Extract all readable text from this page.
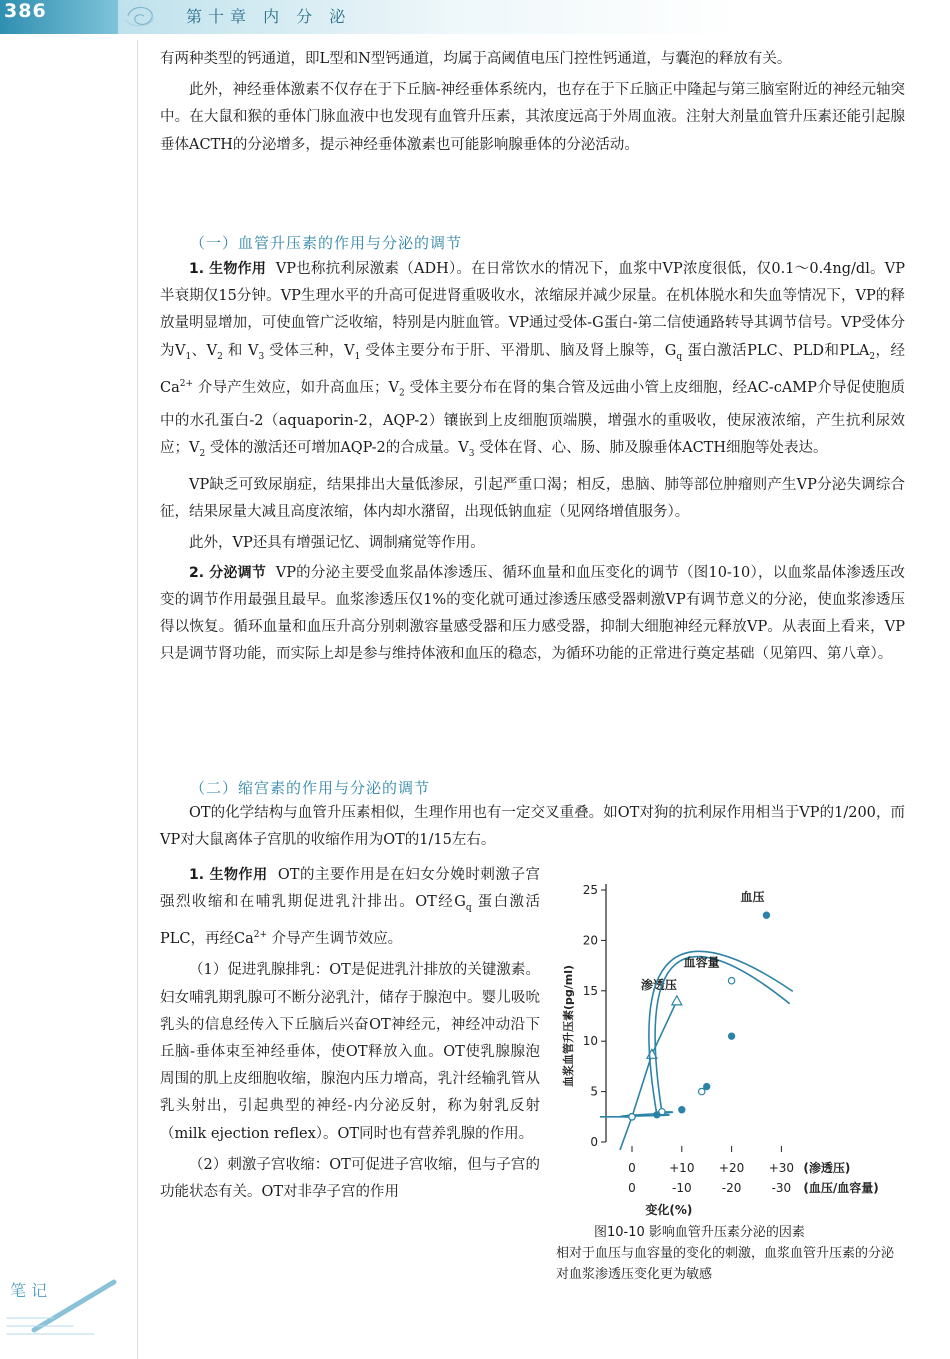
386	第十章 内 分 泌

有两种类型的钙通道，即L型和N型钙通道，均属于高阈值电压门控性钙通道，与囊泡的释放有关。

此外，神经垂体激素不仅存在于下丘脑-神经垂体系统内，也存在于下丘脑正中隆起与第三脑室附近的神经元轴突中。在大鼠和猴的垂体门脉血液中也发现有血管升压素，其浓度远高于外周血液。注射大剂量血管升压素还能引起腺垂体ACTH的分泌增多，提示神经垂体激素也可能影响腺垂体的分泌活动。

（一）血管升压素的作用与分泌的调节

1. 生物作用 VP也称抗利尿激素（ADH）。在日常饮水的情况下，血浆中VP浓度很低，仅0.1～0.4ng/dl。VP半衰期仅15分钟。VP生理水平的升高可促进肾重吸收水，浓缩尿并减少尿量。在机体脱水和失血等情况下，VP的释放量明显增加，可使血管广泛收缩，特别是内脏血管。VP通过受体-G蛋白-第二信使通路转导其调节信号。VP受体分为$V_1$、$V_2$ 和 $V_3$ 受体三种，$V_1$ 受体主要分布于肝、平滑肌、脑及肾上腺等，$G_q$ 蛋白激活PLC、PLD和$PLA_2$，经$Ca^{2+}$ 介导产生效应，如升高血压；$V_2$ 受体主要分布在肾的集合管及远曲小管上皮细胞，经AC-cAMP介导促使胞质中的水孔蛋白-2（aquaporin-2，AQP-2）镶嵌到上皮细胞顶端膜，增强水的重吸收，使尿液浓缩，产生抗利尿效应；$V_2$ 受体的激活还可增加AQP-2的合成量。$V_3$ 受体在肾、心、肠、肺及腺垂体ACTH细胞等处表达。

VP缺乏可致尿崩症，结果排出大量低渗尿，引起严重口渴；相反，患脑、肺等部位肿瘤则产生VP分泌失调综合征，结果尿量大减且高度浓缩，体内却水潴留，出现低钠血症（见网络增值服务）。

此外，VP还具有增强记忆、调制痛觉等作用。

2. 分泌调节 VP的分泌主要受血浆晶体渗透压、循环血量和血压变化的调节（图10-10），以血浆晶体渗透压改变的调节作用最强且最早。血浆渗透压仅1%的变化就可通过渗透压感受器刺激VP有调节意义的分泌，使血浆渗透压得以恢复。循环血量和血压升高分别刺激容量感受器和压力感受器，抑制大细胞神经元释放VP。从表面上看来，VP只是调节肾功能，而实际上却是参与维持体液和血压的稳态，为循环功能的正常进行奠定基础（见第四、第八章）。

（二）缩宫素的作用与分泌的调节

OT的化学结构与血管升压素相似，生理作用也有一定交叉重叠。如OT对狗的抗利尿作用相当于VP的1/200，而VP对大鼠离体子宫肌的收缩作用为OT的1/15左右。

1. 生物作用 OT的主要作用是在妇女分娩时刺激子宫强烈收缩和在哺乳期促进乳汁排出。OT经$G_q$ 蛋白激活PLC，再经$Ca^{2+}$ 介导产生调节效应。

（1）促进乳腺排乳：OT是促进乳汁排放的关键激素。妇女哺乳期乳腺可不断分泌乳汁，储存于腺泡中。婴儿吸吮乳头的信息经传入下丘脑后兴奋OT神经元，神经冲动沿下丘脑-垂体束至神经垂体，使OT释放入血。OT使乳腺腺泡周围的肌上皮细胞收缩，腺泡内压力增高，乳汁经输乳管从乳头射出，引起典型的神经-内分泌反射，称为射乳反射（milk ejection reflex）。OT同时也有营养乳腺的作用。

（2）刺激子宫收缩：OT可促进子宫收缩，但与子宫的功能状态有关。OT对非孕子宫的作用

0
5
10
15
20
25
血浆血管升压素(pg/ml)
0	+10 +20 +30 (渗透压)
0	-10	-20	-30 (血压/血容量)
变化(%)
渗透压
血容量
血压
图10-10 影响血管升压素分泌的因素
相对于血压与血容量的变化的刺激，血浆血管升压素的分泌对血浆渗透压变化更为敏感
笔 记
